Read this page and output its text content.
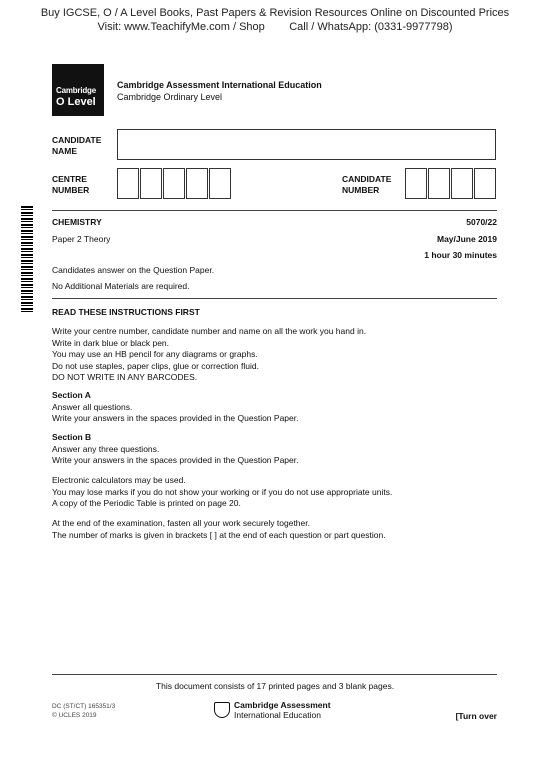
Buy IGCSE, O / A Level Books, Past Papers & Revision Resources Online on Discounted Prices
Visit: www.TeachifyMe.com / Shop        Call / WhatsApp: (0331-9977798)
Cambridge
O Level
Cambridge Assessment International Education
Cambridge Ordinary Level
CANDIDATE
NAME
CENTRE
NUMBER
CANDIDATE
NUMBER
CHEMISTRY	5070/22
Paper 2 Theory	May/June 2019
1 hour 30 minutes
Candidates answer on the Question Paper.
No Additional Materials are required.
READ THESE INSTRUCTIONS FIRST

Write your centre number, candidate number and name on all the work you hand in.

Write in dark blue or black pen.

You may use an HB pencil for any diagrams or graphs.

Do not use staples, paper clips, glue or correction fluid.

DO NOT WRITE IN ANY BARCODES.

Section A

Answer all questions.

Write your answers in the spaces provided in the Question Paper.

Section B

Answer any three questions.

Write your answers in the spaces provided in the Question Paper.

Electronic calculators may be used.

You may lose marks if you do not show your working or if you do not use appropriate units.

A copy of the Periodic Table is printed on page 20.

At the end of the examination, fasten all your work securely together.

The number of marks is given in brackets [ ] at the end of each question or part question.

This document consists of 17 printed pages and 3 blank pages.
DC (ST/CT) 165351/3
© UCLES 2019
Cambridge Assessment
International Education	[Turn over
